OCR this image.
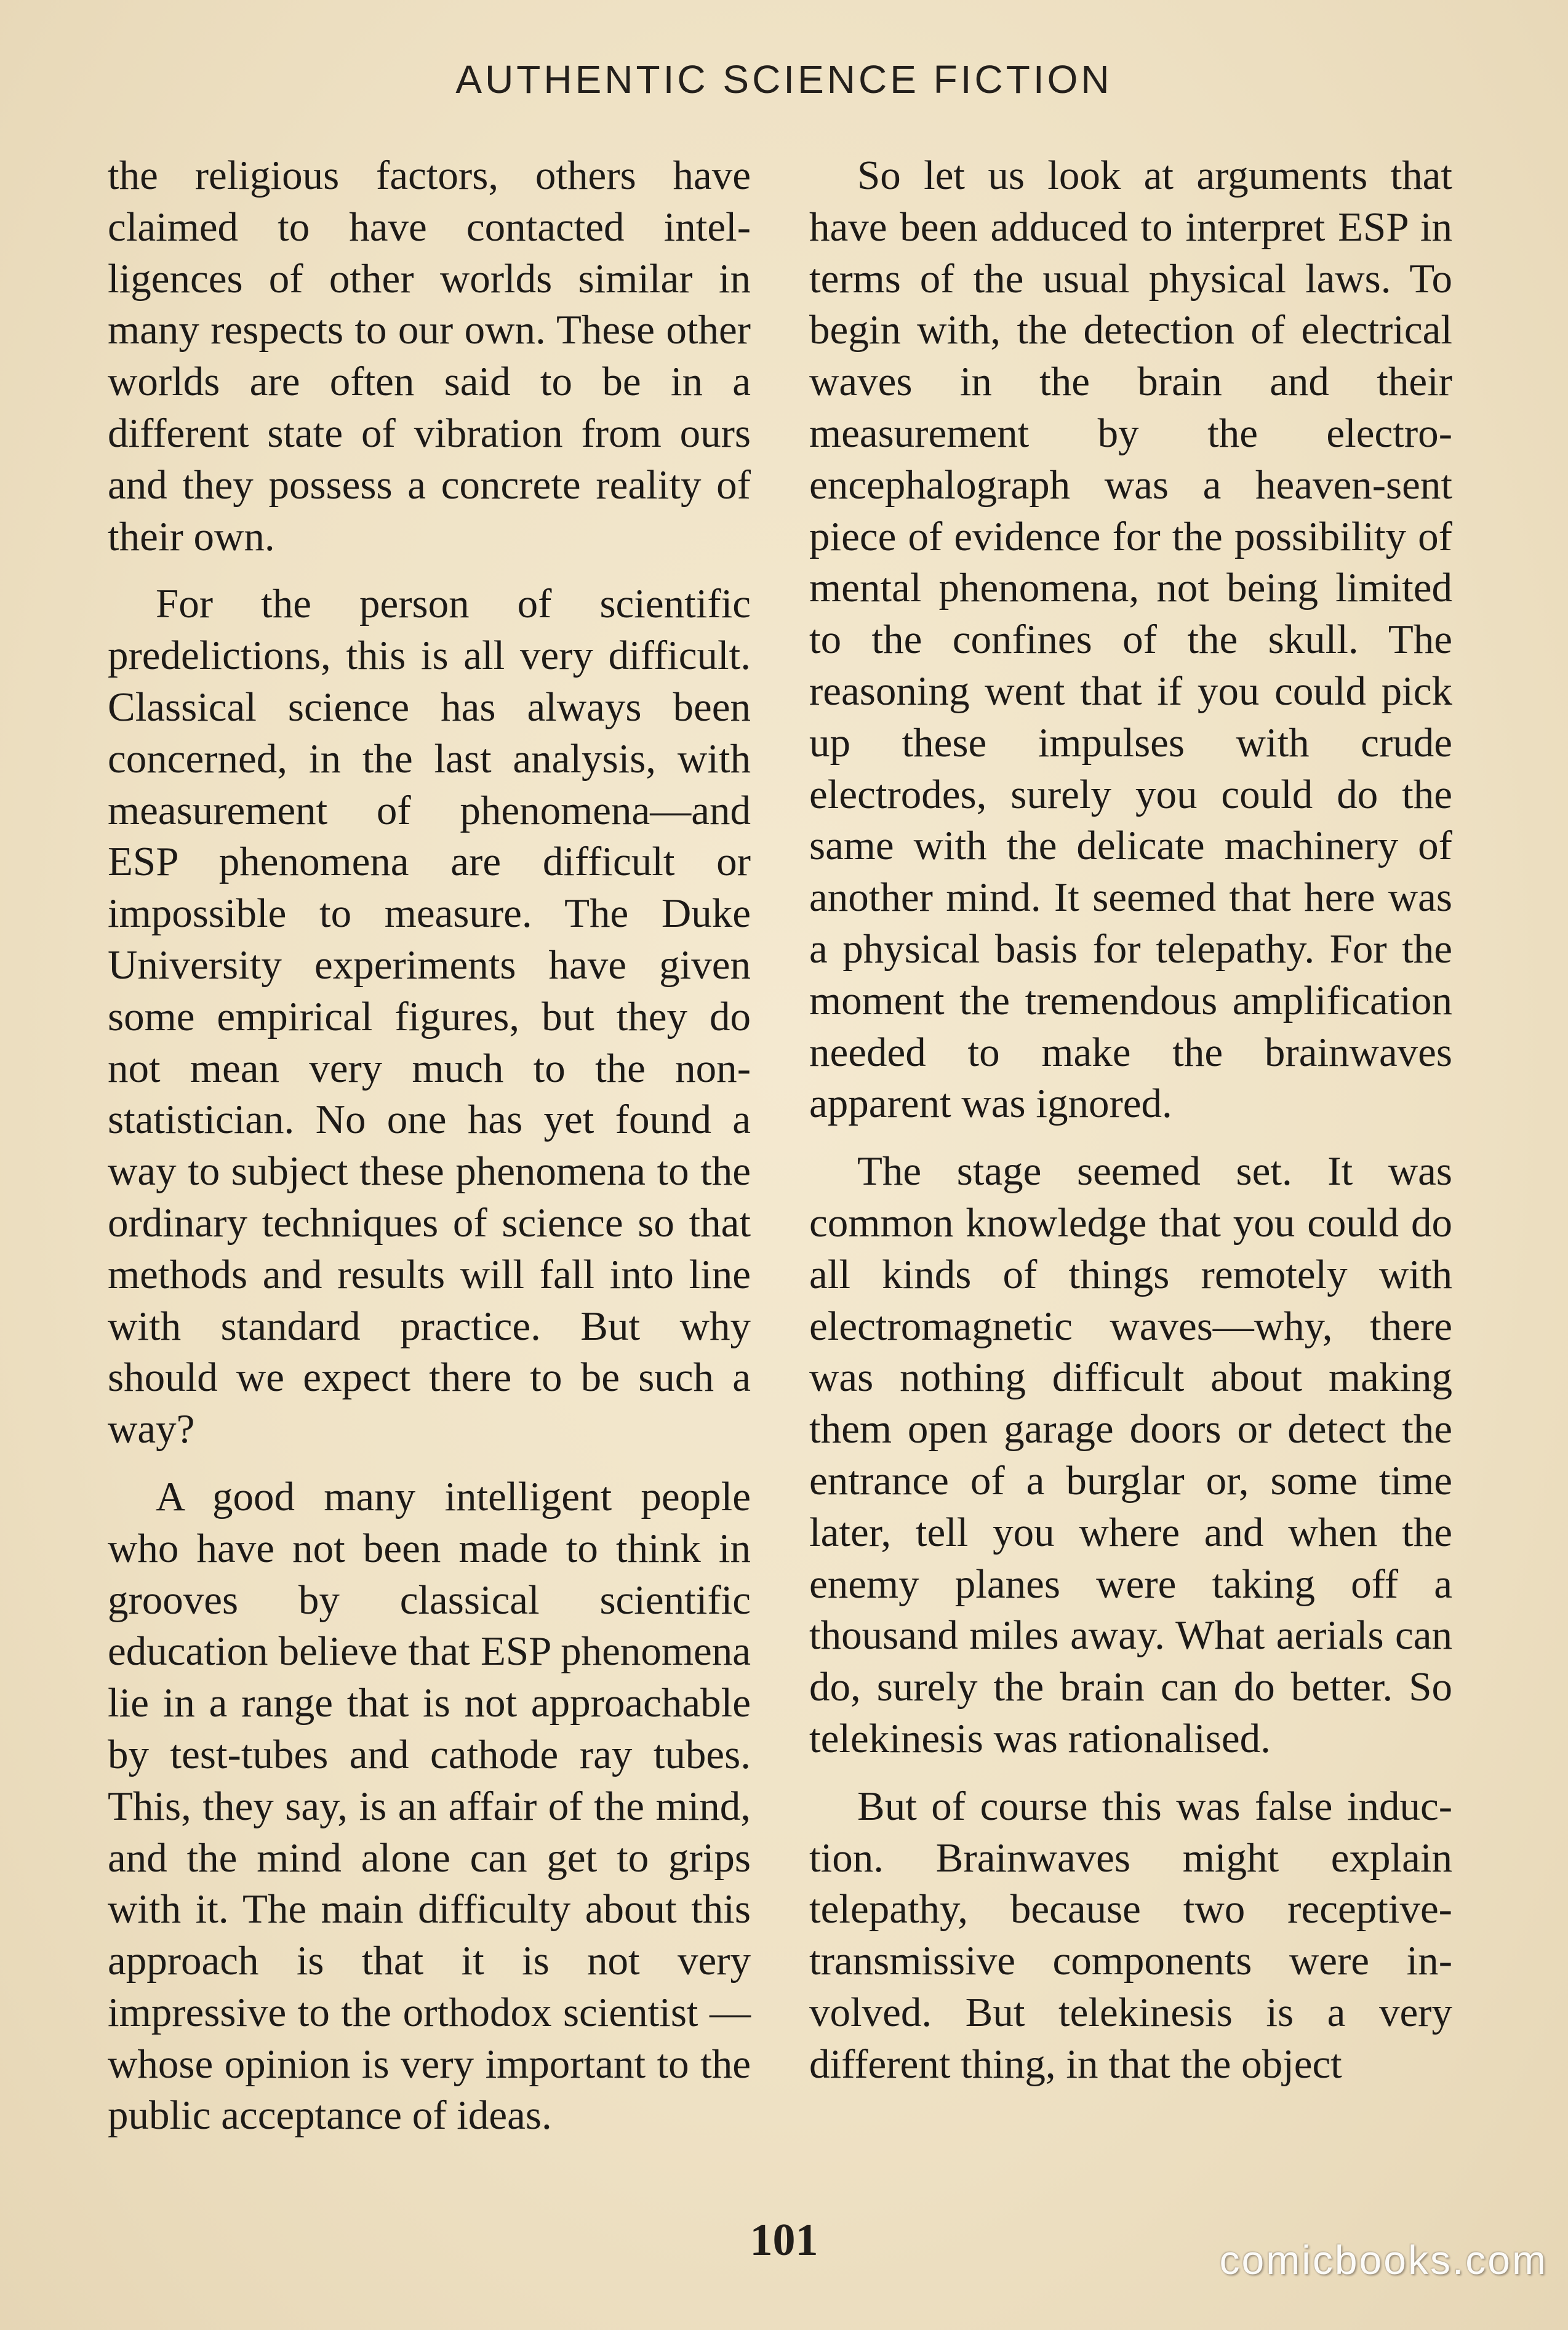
AUTHENTIC SCIENCE FICTION

the religious factors, others have claimed to have contacted intelligences of other worlds similar in many respects to our own. These other worlds are often said to be in a different state of vibration from ours and they possess a concrete reality of their own.

For the person of scientific predelictions, this is all very difficult. Classical science has always been concerned, in the last analysis, with measurement of phenomena—and ESP phenomena are difficult or impossible to measure. The Duke University experiments have given some empirical figures, but they do not mean very much to the nonstatistician. No one has yet found a way to subject these phenomena to the ordinary techniques of science so that methods and results will fall into line with standard practice. But why should we expect there to be such a way?

A good many intelligent people who have not been made to think in grooves by classical scientific education believe that ESP phenomena lie in a range that is not approachable by test-tubes and cathode ray tubes. This, they say, is an affair of the mind, and the mind alone can get to grips with it. The main difficulty about this approach is that it is not very impressive to the orthodox scientist —whose opinion is very important to the public acceptance of ideas.

So let us look at arguments that have been adduced to interpret ESP in terms of the usual physical laws. To begin with, the detection of electrical waves in the brain and their measurement by the electroencephalograph was a heaven-sent piece of evidence for the possibility of mental phenomena, not being limited to the confines of the skull. The reasoning went that if you could pick up these impulses with crude electrodes, surely you could do the same with the delicate machinery of another mind. It seemed that here was a physical basis for telepathy. For the moment the tremendous amplification needed to make the brainwaves apparent was ignored.

The stage seemed set. It was common knowledge that you could do all kinds of things remotely with electromagnetic waves—why, there was nothing difficult about making them open garage doors or detect the entrance of a burglar or, some time later, tell you where and when the enemy planes were taking off a thousand miles away. What aerials can do, surely the brain can do better. So telekinesis was rationalised.

But of course this was false induction. Brainwaves might explain telepathy, because two receptive-transmissive components were involved. But telekinesis is a very different thing, in that the object

101	comicbooks.com
